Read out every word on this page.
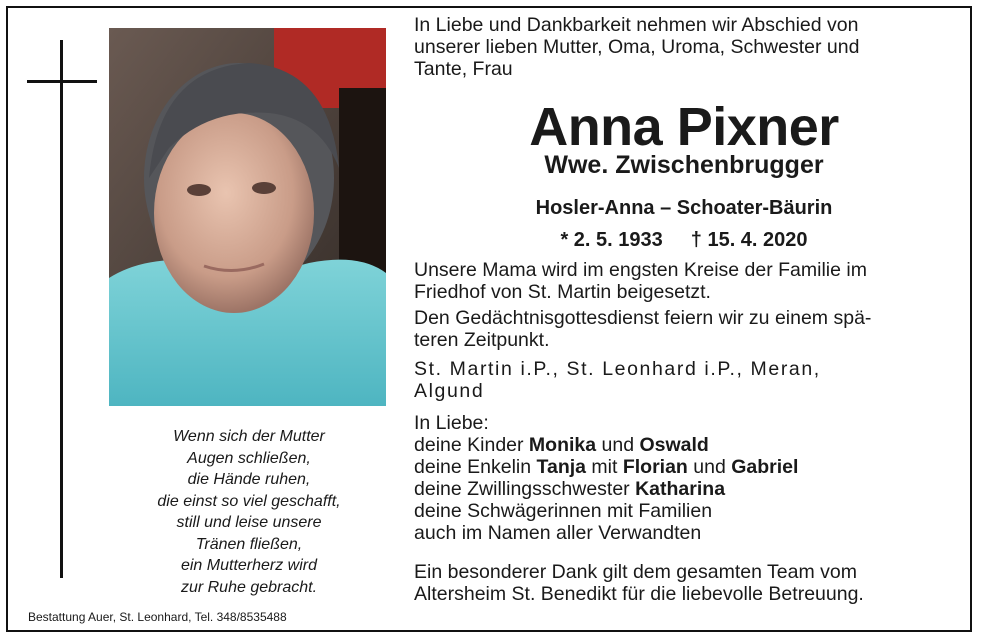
Wenn sich der Mutter
Augen schließen,
die Hände ruhen,
die einst so viel geschafft,
still und leise unsere
Tränen fließen,
ein Mutterherz wird
zur Ruhe gebracht.
Bestattung Auer, St. Leonhard, Tel. 348/8535488
In Liebe und Dankbarkeit nehmen wir Abschied von
unserer lieben Mutter, Oma, Uroma, Schwester und
Tante, Frau
Anna Pixner
Wwe. Zwischenbrugger
Hosler-Anna – Schoater-Bäurin
* 2. 5. 1933 † 15. 4. 2020
Unsere Mama wird im engsten Kreise der Familie im
Friedhof von St. Martin beigesetzt.
Den Gedächtnisgottesdienst feiern wir zu einem spä-
teren Zeitpunkt.
St. Martin i.P., St. Leonhard i.P., Meran,
Algund
In Liebe:
deine Kinder Monika und Oswald
deine Enkelin Tanja mit Florian und Gabriel
deine Zwillingsschwester Katharina
deine Schwägerinnen mit Familien
auch im Namen aller Verwandten
Ein besonderer Dank gilt dem gesamten Team vom
Altersheim St. Benedikt für die liebevolle Betreuung.
